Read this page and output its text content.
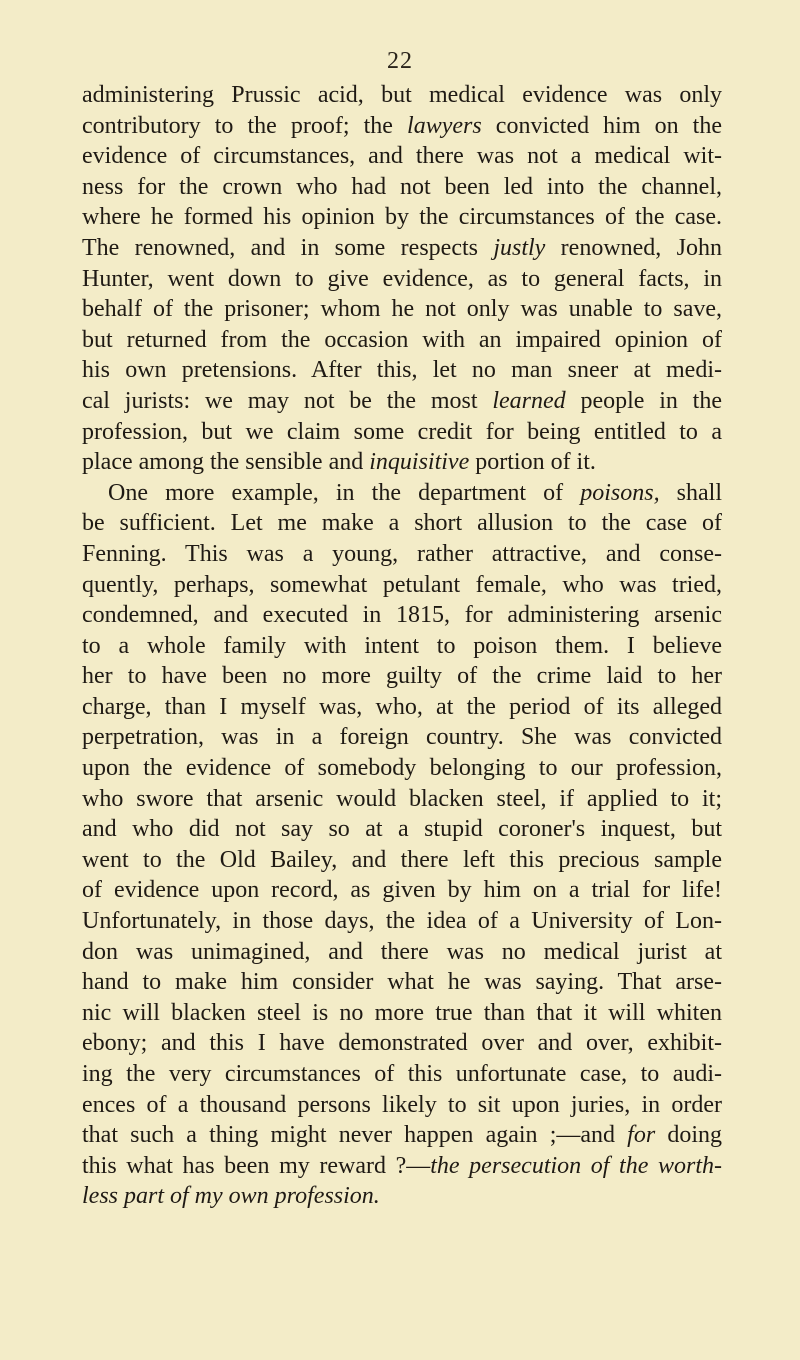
22
administering Prussic acid, but medical evidence was only
contributory to the proof; the lawyers convicted him on the
evidence of circumstances, and there was not a medical wit-
ness for the crown who had not been led into the channel,
where he formed his opinion by the circumstances of the case.
The renowned, and in some respects justly renowned, John
Hunter, went down to give evidence, as to general facts, in
behalf of the prisoner; whom he not only was unable to save,
but returned from the occasion with an impaired opinion of
his own pretensions. After this, let no man sneer at medi-
cal jurists: we may not be the most learned people in the
profession, but we claim some credit for being entitled to a
place among the sensible and inquisitive portion of it.
One more example, in the department of poisons, shall
be sufficient. Let me make a short allusion to the case of
Fenning. This was a young, rather attractive, and conse-
quently, perhaps, somewhat petulant female, who was tried,
condemned, and executed in 1815, for administering arsenic
to a whole family with intent to poison them. I believe
her to have been no more guilty of the crime laid to her
charge, than I myself was, who, at the period of its alleged
perpetration, was in a foreign country. She was convicted
upon the evidence of somebody belonging to our profession,
who swore that arsenic would blacken steel, if applied to it;
and who did not say so at a stupid coroner's inquest, but
went to the Old Bailey, and there left this precious sample
of evidence upon record, as given by him on a trial for life!
Unfortunately, in those days, the idea of a University of Lon-
don was unimagined, and there was no medical jurist at
hand to make him consider what he was saying. That arse-
nic will blacken steel is no more true than that it will whiten
ebony; and this I have demonstrated over and over, exhibit-
ing the very circumstances of this unfortunate case, to audi-
ences of a thousand persons likely to sit upon juries, in order
that such a thing might never happen again ;—and for doing
this what has been my reward ?—the persecution of the worth-
less part of my own profession.
